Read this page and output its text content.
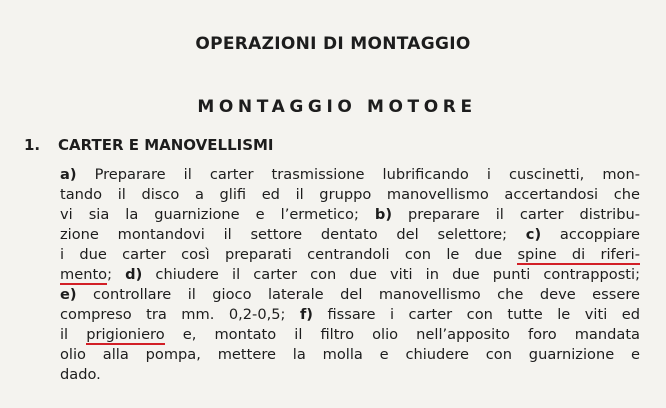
OPERAZIONI DI MONTAGGIO
MONTAGGIO MOTORE
1. CARTER E MANOVELLISMI
a) Preparare il carter trasmissione lubrificando i cuscinetti, mon-
tando il disco a glifi ed il gruppo manovellismo accertandosi che
vi sia la guarnizione e l’ermetico; b) preparare il carter distribu-
zione montandovi il settore dentato del selettore; c) accoppiare
i due carter così preparati centrandoli con le due spine di riferi-
mento; d) chiudere il carter con due viti in due punti contrapposti;
e) controllare il gioco laterale del manovellismo che deve essere
compreso tra mm. 0,2-0,5; f) fissare i carter con tutte le viti ed
il prigioniero e, montato il filtro olio nell’apposito foro mandata
olio alla pompa, mettere la molla e chiudere con guarnizione e
dado.
